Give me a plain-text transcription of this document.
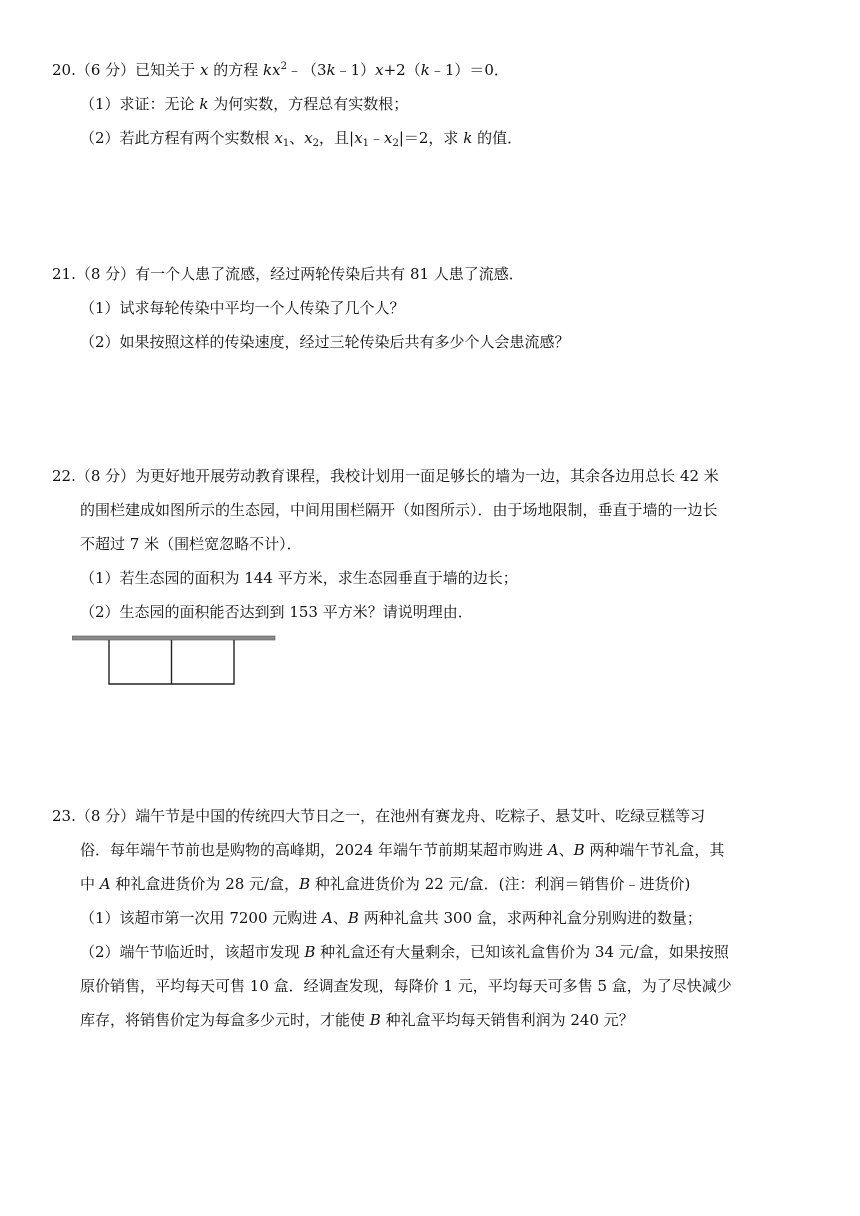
20.（6 分）已知关于 x 的方程 $kx^2﹣(3k﹣1)x+2(k﹣1)=0$．
（1）求证：无论 k 为何实数，方程总有实数根；
（2）若此方程有两个实数根 $x_1$、$x_2$，且$|x_1﹣x_2|=2$，求 k 的值．
21.（8 分）有一个人患了流感，经过两轮传染后共有 81 人患了流感．
（1）试求每轮传染中平均一个人传染了几个人？
（2）如果按照这样的传染速度，经过三轮传染后共有多少个人会患流感？
22.（8 分）为更好地开展劳动教育课程，我校计划用一面足够长的墙为一边，其余各边用总长 42 米
的围栏建成如图所示的生态园，中间用围栏隔开（如图所示）．由于场地限制，垂直于墙的一边长
不超过 7 米（围栏宽忽略不计）．
（1）若生态园的面积为 144 平方米，求生态园垂直于墙的边长；
（2）生态园的面积能否达到到 153 平方米？请说明理由．
23.（8 分）端午节是中国的传统四大节日之一，在池州有赛龙舟、吃粽子、悬艾叶、吃绿豆糕等习
俗．每年端午节前也是购物的高峰期，2024 年端午节前期某超市购进 A、B 两种端午节礼盒，其
中 A 种礼盒进货价为 28 元/盒，B 种礼盒进货价为 22 元/盒．(注：利润＝销售价﹣进货价)
（1）该超市第一次用 7200 元购进 A、B 两种礼盒共 300 盒，求两种礼盒分别购进的数量；
（2）端午节临近时，该超市发现 B 种礼盒还有大量剩余，已知该礼盒售价为 34 元/盒，如果按照
原价销售，平均每天可售 10 盒．经调查发现，每降价 1 元，平均每天可多售 5 盒，为了尽快减少
库存，将销售价定为每盒多少元时，才能使 B 种礼盒平均每天销售利润为 240 元？
